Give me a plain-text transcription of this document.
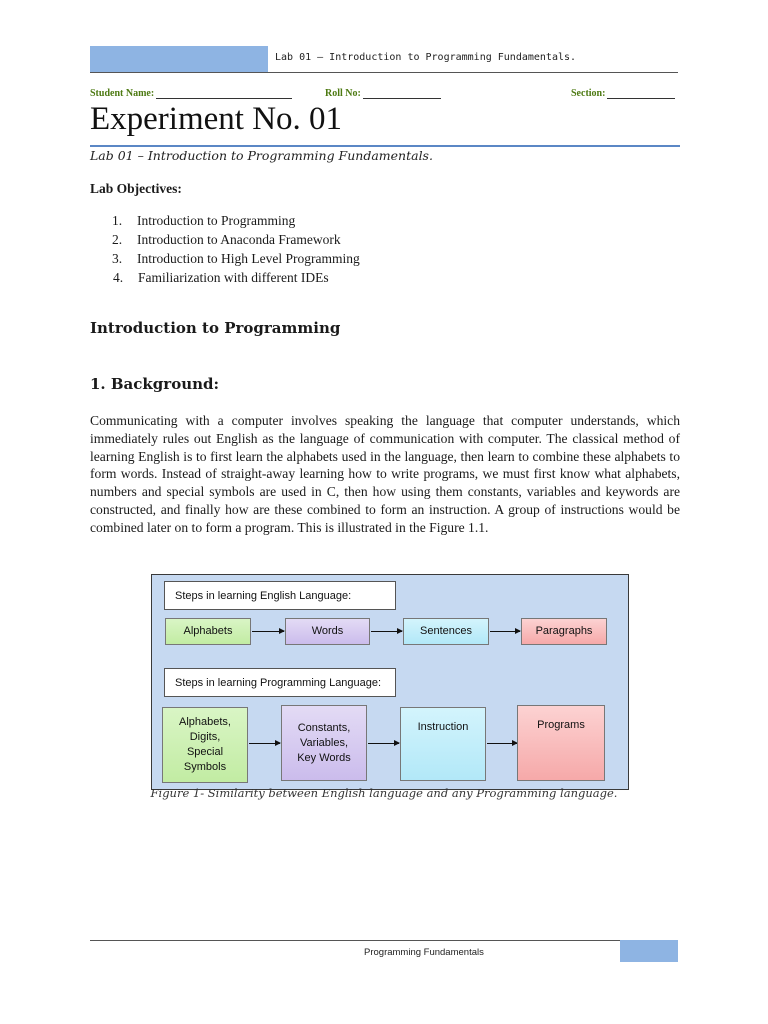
Lab 01 – Introduction to Programming Fundamentals.
Student Name:	Roll No:	Section:
Experiment No. 01
Lab 01 – Introduction to Programming Fundamentals.
Lab Objectives:
1. Introduction to Programming
2. Introduction to Anaconda Framework
3. Introduction to High Level Programming
4. Familiarization with different IDEs
Introduction to Programming
1. Background:
Communicating with a computer involves speaking the language that computer understands, which immediately rules out English as the language of communication with computer. The classical method of learning English is to first learn the alphabets used in the language, then learn to combine these alphabets to form words. Instead of straight-away learning how to write programs, we must first know what alphabets, numbers and special symbols are used in C, then how using them constants, variables and keywords are constructed, and finally how are these combined to form an instruction. A group of instructions would be combined later on to form a program. This is illustrated in the Figure 1.1.
Steps in learning English Language:
Alphabets	Words	Sentences	Paragraphs
Steps in learning Programming Language:
Alphabets,
Digits,
Special
Symbols
Constants,
Variables,
Key Words
Instruction	Programs
Figure 1- Similarity between English language and any Programming language.
Programming Fundamentals
